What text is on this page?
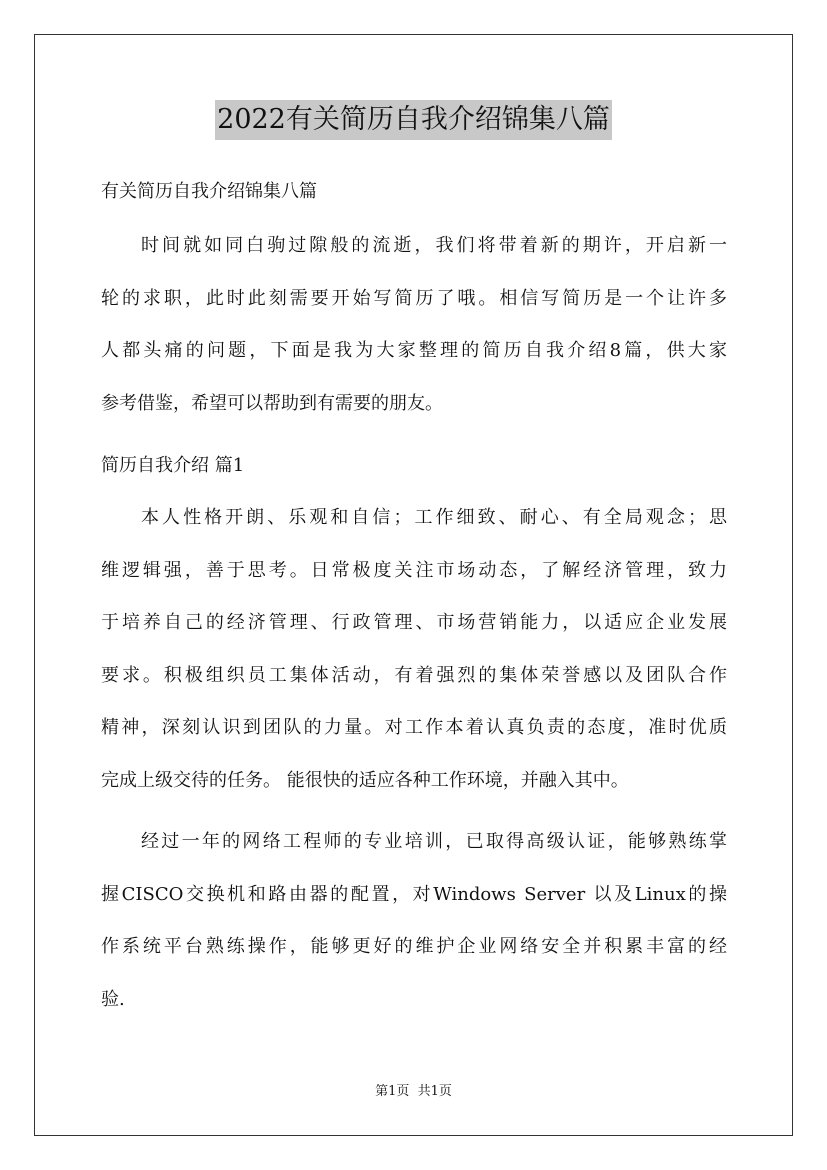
2022有关简历自我介绍锦集八篇
有关简历自我介绍锦集八篇
时间就如同白驹过隙般的流逝，我们将带着新的期许，开启新一
轮的求职，此时此刻需要开始写简历了哦。相信写简历是一个让许多
人都头痛的问题，下面是我为大家整理的简历自我介绍8篇，供大家
参考借鉴，希望可以帮助到有需要的朋友。
简历自我介绍 篇1
本人性格开朗、乐观和自信；工作细致、耐心、有全局观念；思
维逻辑强，善于思考。日常极度关注市场动态，了解经济管理，致力
于培养自己的经济管理、行政管理、市场营销能力，以适应企业发展
要求。积极组织员工集体活动，有着强烈的集体荣誉感以及团队合作
精神，深刻认识到团队的力量。对工作本着认真负责的态度，准时优质
完成上级交待的任务。 能很快的适应各种工作环境，并融入其中。
经过一年的网络工程师的专业培训，已取得高级认证，能够熟练掌
握CISCO交换机和路由器的配置，对Windows Server 以及Linux的操
作系统平台熟练操作，能够更好的维护企业网络安全并积累丰富的经
验.
第1页 共1页
